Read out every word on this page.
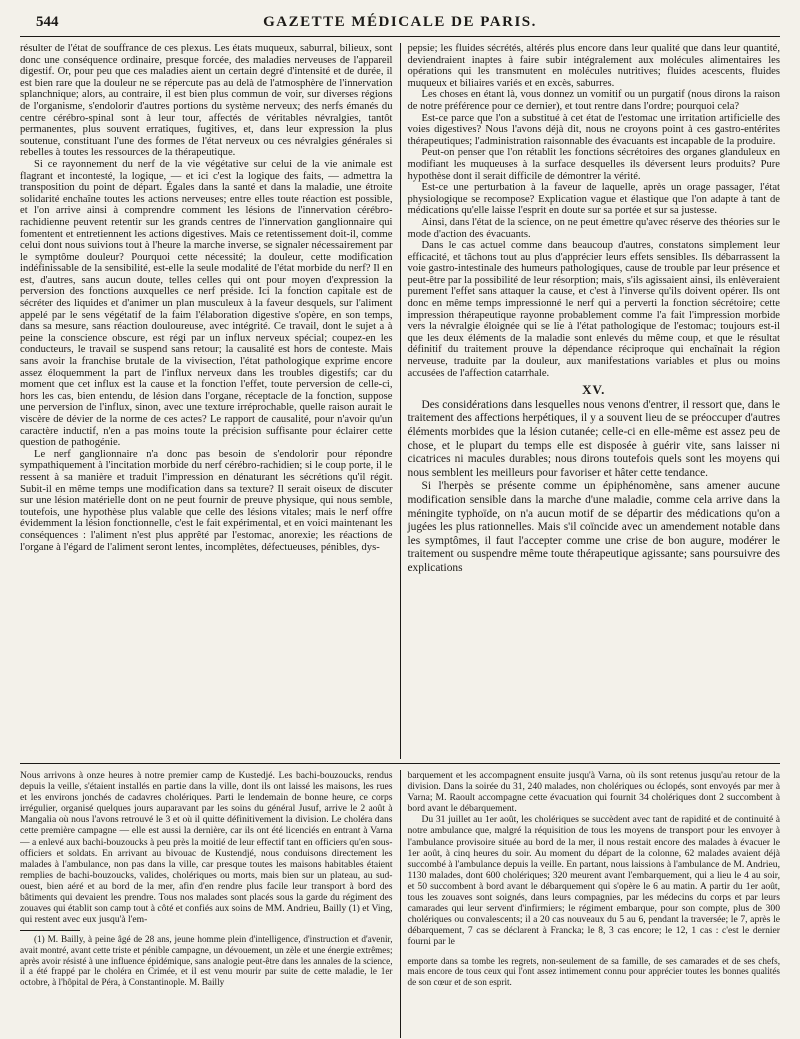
544	GAZETTE MÉDICALE DE PARIS.

résulter de l'état de souffrance de ces plexus. Les états muqueux, saburral, bilieux, sont donc une conséquence ordinaire, presque forcée, des maladies nerveuses de l'appareil digestif. Or, pour peu que ces maladies aient un certain degré d'intensité et de durée, il est bien rare que la douleur ne se répercute pas au delà de l'atmosphère de l'innervation splanchnique; alors, au contraire, il est bien plus commun de voir, sur diverses régions de l'organisme, s'endolorir d'autres portions du système nerveux; des nerfs émanés du centre cérébro-spinal sont à leur tour, affectés de véritables névralgies, tantôt permanentes, plus souvent erratiques, fugitives, et, dans leur expression la plus soutenue, constituant l'une des formes de l'état nerveux ou ces névralgies générales si rebelles à toutes les ressources de la thérapeutique.

Si ce rayonnement du nerf de la vie végétative sur celui de la vie animale est flagrant et incontesté, la logique, — et ici c'est la logique des faits, — admettra la transposition du point de départ. Égales dans la santé et dans la maladie, une étroite solidarité enchaîne toutes les actions nerveuses; entre elles toute réaction est possible, et l'on arrive ainsi à comprendre comment les lésions de l'innervation cérébro-rachidienne peuvent retentir sur les grands centres de l'innervation ganglionnaire qui fomentent et entretiennent les actions digestives. Mais ce retentissement doit-il, comme celui dont nous suivions tout à l'heure la marche inverse, se signaler nécessairement par le symptôme douleur? Pourquoi cette nécessité; la douleur, cette modification indéfinissable de la sensibilité, est-elle la seule modalité de l'état morbide du nerf? Il en est, d'autres, sans aucun doute, telles celles qui ont pour moyen d'expression la perversion des fonctions auxquelles ce nerf préside. Ici la fonction capitale est de sécréter des liquides et d'animer un plan musculeux à la faveur desquels, sur l'aliment appelé par le sens végétatif de la faim l'élaboration digestive s'opère, en son temps, dans sa mesure, sans réaction douloureuse, avec intégrité. Ce travail, dont le sujet a à peine la conscience obscure, est régi par un influx nerveux spécial; coupez-en les conducteurs, le travail se suspend sans retour; la causalité est hors de conteste. Mais sans avoir la franchise brutale de la vivisection, l'état pathologique exprime encore assez éloquemment la part de l'influx nerveux dans les troubles digestifs; car du moment que cet influx est la cause et la fonction l'effet, toute perversion de celle-ci, hors les cas, bien entendu, de lésion dans l'organe, réceptacle de la fonction, suppose une perversion de l'influx, sinon, avec une texture irréprochable, quelle raison aurait le viscère de dévier de la norme de ces actes? Le rapport de causalité, pour n'avoir qu'un caractère inductif, n'en a pas moins toute la précision suffisante pour éclairer cette question de pathogénie.

Le nerf ganglionnaire n'a donc pas besoin de s'endolorir pour répondre sympathiquement à l'incitation morbide du nerf cérébro-rachidien; si le coup porte, il le ressent à sa manière et traduit l'impression en dénaturant les sécrétions qu'il régit. Subit-il en même temps une modification dans sa texture? Il serait oiseux de discuter sur une lésion matérielle dont on ne peut fournir de preuve physique, qui nous semble, toutefois, une hypothèse plus valable que celle des lésions vitales; mais le nerf offre évidemment la lésion fonctionnelle, c'est le fait expérimental, et en voici maintenant les conséquences : l'aliment n'est plus apprêté par l'estomac, anorexie; les réactions de l'organe à l'égard de l'aliment seront lentes, incomplètes, défectueuses, pénibles, dys-

pepsie; les fluides sécrétés, altérés plus encore dans leur qualité que dans leur quantité, deviendraient inaptes à faire subir intégralement aux molécules alimentaires les opérations qui les transmutent en molécules nutritives; fluides acescents, fluides muqueux et biliaires variés et en excès, saburres.

Les choses en étant là, vous donnez un vomitif ou un purgatif (nous dirons la raison de notre préférence pour ce dernier), et tout rentre dans l'ordre; pourquoi cela?

Est-ce parce que l'on a substitué à cet état de l'estomac une irritation artificielle des voies digestives? Nous l'avons déjà dit, nous ne croyons point à ces gastro-entérites thérapeutiques; l'administration raisonnable des évacuants est incapable de la produire.

Peut-on penser que l'on rétablit les fonctions sécrétoires des organes glanduleux en modifiant les muqueuses à la surface desquelles ils déversent leurs produits? Pure hypothèse dont il serait difficile de démontrer la vérité.

Est-ce une perturbation à la faveur de laquelle, après un orage passager, l'état physiologique se recompose? Explication vague et élastique que l'on adapte à tant de médications qu'elle laisse l'esprit en doute sur sa portée et sur sa justesse.

Ainsi, dans l'état de la science, on ne peut émettre qu'avec réserve des théories sur le mode d'action des évacuants.

Dans le cas actuel comme dans beaucoup d'autres, constatons simplement leur efficacité, et tâchons tout au plus d'apprécier leurs effets sensibles. Ils débarrassent la voie gastro-intestinale des humeurs pathologiques, cause de trouble par leur présence et peut-être par la possibilité de leur résorption; mais, s'ils agissaient ainsi, ils enlèveraient purement l'effet sans attaquer la cause, et c'est à l'inverse qu'ils doivent opérer. Ils ont donc en même temps impressionné le nerf qui a perverti la fonction sécrétoire; cette impression thérapeutique rayonne probablement comme l'a fait l'impression morbide vers la névralgie éloignée qui se lie à l'état pathologique de l'estomac; toujours est-il que les deux éléments de la maladie sont enlevés du même coup, et que le résultat définitif du traitement prouve la dépendance réciproque qui enchaînait la région nerveuse, traduite par la douleur, aux manifestations variables et plus ou moins accusées de l'affection catarrhale.

XV.

Des considérations dans lesquelles nous venons d'entrer, il ressort que, dans le traitement des affections herpétiques, il y a souvent lieu de se préoccuper d'autres éléments morbides que la lésion cutanée; celle-ci en elle-même est assez peu de chose, et le plupart du temps elle est disposée à guérir vite, sans laisser ni cicatrices ni macules durables; nous dirons toutefois quels sont les moyens qui nous semblent les meilleurs pour favoriser et hâter cette tendance.

Si l'herpès se présente comme un épiphénomène, sans amener aucune modification sensible dans la marche d'une maladie, comme cela arrive dans la méningite typhoïde, on n'a aucun motif de se départir des médications qu'on a jugées les plus rationnelles. Mais s'il coïncide avec un amendement notable dans les symptômes, il faut l'accepter comme une crise de bon augure, modérer le traitement ou suspendre même toute thérapeutique agissante; sans poursuivre des explications

Nous arrivons à onze heures à notre premier camp de Kustedjé. Les bachi-bouzoucks, rendus depuis la veille, s'étaient installés en partie dans la ville, dont ils ont laissé les maisons, les rues et les environs jonchés de cadavres cholériques. Parti le lendemain de bonne heure, ce corps irrégulier, organisé quelques jours auparavant par les soins du général Jusuf, arrive le 2 août à Mangalia où nous l'avons retrouvé le 3 et où il quitte définitivement la division. Le choléra dans cette première campagne — elle est aussi la dernière, car ils ont été licenciés en entrant à Varna — a enlevé aux bachi-bouzoucks à peu près la moitié de leur effectif tant en officiers qu'en sous-officiers et soldats. En arrivant au bivouac de Kustendjé, nous conduisons directement les malades à l'ambulance, non pas dans la ville, car presque toutes les maisons habitables étaient remplies de bachi-bouzoucks, valides, cholériques ou morts, mais bien sur un plateau, au sud-ouest, bien aéré et au bord de la mer, afin d'en rendre plus facile leur transport à bord des bâtiments qui devaient les prendre. Tous nos malades sont placés sous la garde du régiment des zouaves qui établit son camp tout à côté et confiés aux soins de MM. Andrieu, Bailly (1) et Ving, qui restent avec eux jusqu'à l'em-

(1) M. Bailly, à peine âgé de 28 ans, jeune homme plein d'intelligence, d'instruction et d'avenir, avait montré, avant cette triste et pénible campagne, un dévouement, un zèle et une énergie extrêmes; après avoir résisté à une influence épidémique, sans analogie peut-être dans les annales de la science, il a été frappé par le choléra en Crimée, et il est venu mourir par suite de cette maladie, le 1er octobre, à l'hôpital de Péra, à Constantinople. M. Bailly

barquement et les accompagnent ensuite jusqu'à Varna, où ils sont retenus jusqu'au retour de la division. Dans la soirée du 31, 240 malades, non cholériques ou éclopés, sont envoyés par mer à Varna; M. Raoult accompagne cette évacuation qui fournit 34 cholériques dont 2 succombent à bord avant le débarquement.

Du 31 juillet au 1er août, les cholériques se succèdent avec tant de rapidité et de continuité à notre ambulance que, malgré la réquisition de tous les moyens de transport pour les envoyer à l'ambulance provisoire située au bord de la mer, il nous restait encore des malades à évacuer le 1er août, à cinq heures du soir. Au moment du départ de la colonne, 62 malades avaient déjà succombé à l'ambulance depuis la veille. En partant, nous laissions à l'ambulance de M. Andrieu, 1130 malades, dont 600 cholériques; 320 meurent avant l'embarquement, qui a lieu le 4 au soir, et 50 succombent à bord avant le débarquement qui s'opère le 6 au matin. A partir du 1er août, tous les zouaves sont soignés, dans leurs compagnies, par les médecins du corps et par leurs camarades qui leur servent d'infirmiers; le régiment embarque, pour son compte, plus de 300 cholériques ou convalescents; il a 20 cas nouveaux du 5 au 6, pendant la traversée; le 7, après le débarquement, 7 cas se déclarent à Francka; le 8, 3 cas encore; le 12, 1 cas : c'est le dernier fourni par le

emporte dans sa tombe les regrets, non-seulement de sa famille, de ses camarades et de ses chefs, mais encore de tous ceux qui l'ont assez intimement connu pour apprécier toutes les bonnes qualités de son cœur et de son esprit.
